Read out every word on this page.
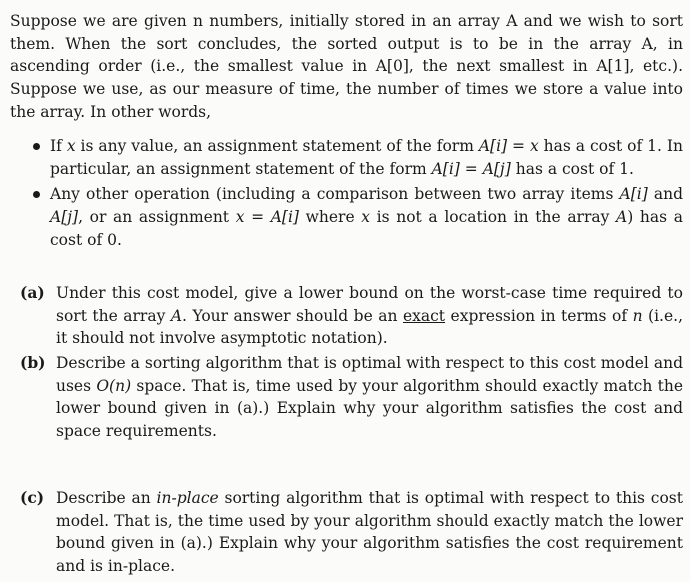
Suppose we are given n numbers, initially stored in an array A and we wish to sort them. When the sort concludes, the sorted output is to be in the array A, in ascending order (i.e., the smallest value in A[0], the next smallest in A[1], etc.). Suppose we use, as our measure of time, the number of times we store a value into the array. In other words,

If x is any value, an assignment statement of the form A[i] = x has a cost of 1. In particular, an assignment statement of the form A[i] = A[j] has a cost of 1.
Any other operation (including a comparison between two array items A[i] and A[j], or an assignment x = A[i] where x is not a location in the array A) has a cost of 0.
(a) Under this cost model, give a lower bound on the worst-case time required to sort the array A. Your answer should be an exact expression in terms of n (i.e., it should not involve asymptotic notation).
(b) Describe a sorting algorithm that is optimal with respect to this cost model and uses O(n) space. That is, time used by your algorithm should exactly match the lower bound given in (a).) Explain why your algorithm satisfies the cost and space requirements.
(c) Describe an in-place sorting algorithm that is optimal with respect to this cost model. That is, the time used by your algorithm should exactly match the lower bound given in (a).) Explain why your algorithm satisfies the cost requirement and is in-place.
